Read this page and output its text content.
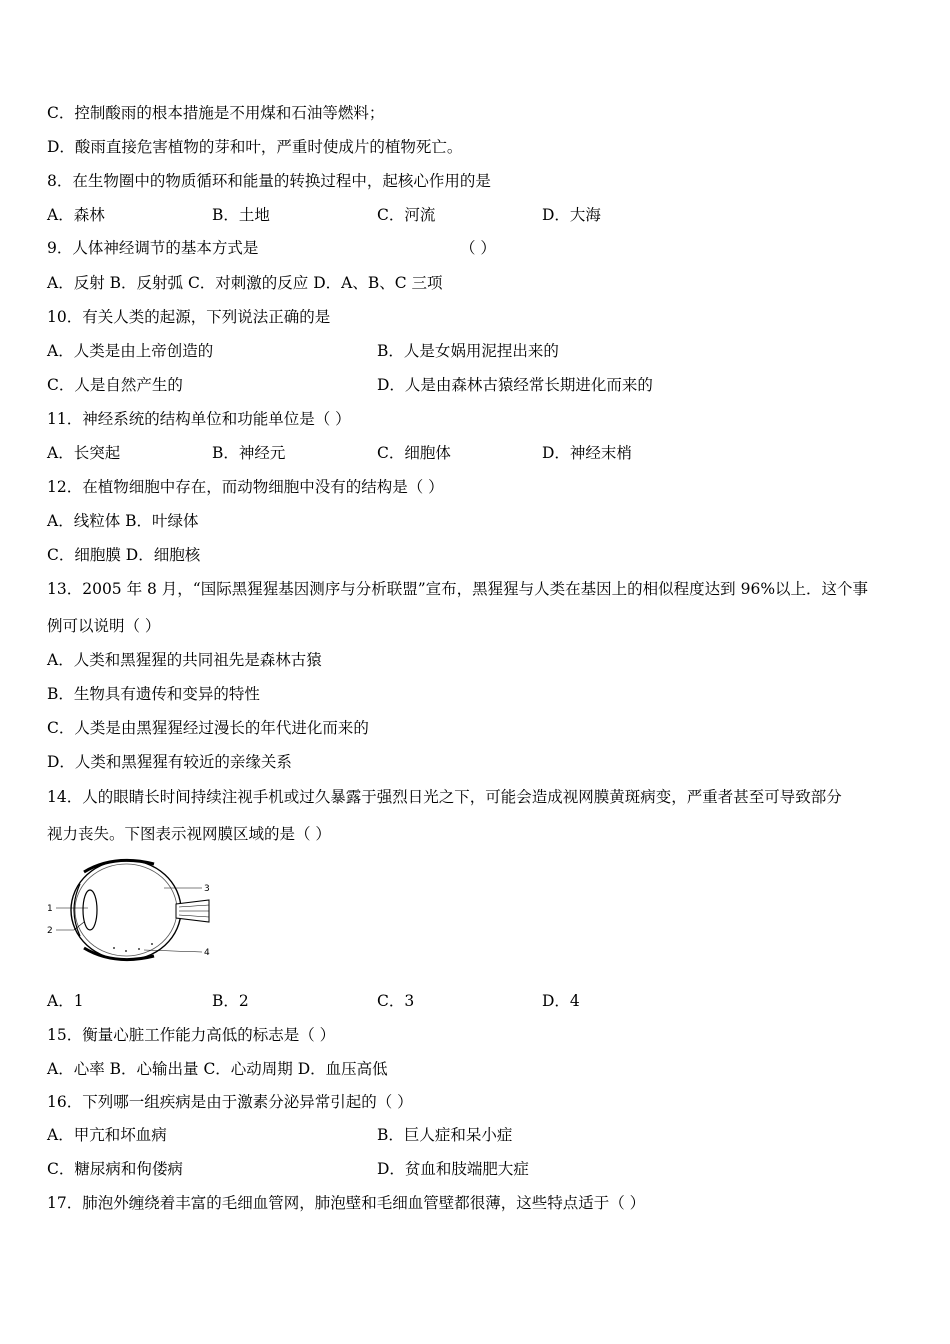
C．控制酸雨的根本措施是不用煤和石油等燃料；
D．酸雨直接危害植物的芽和叶，严重时使成片的植物死亡。
8．在生物圈中的物质循环和能量的转换过程中，起核心作用的是
A．森林	B．土地	C．河流	D．大海
9．人体神经调节的基本方式是	（ ）
A．反射 B．反射弧 C．对刺激的反应 D．A、B、C 三项
10．有关人类的起源，下列说法正确的是
A．人类是由上帝创造的	B．人是女娲用泥捏出来的
C．人是自然产生的	D．人是由森林古猿经常长期进化而来的
11．神经系统的结构单位和功能单位是（ ）
A．长突起	B．神经元	C．细胞体	D．神经末梢
12．在植物细胞中存在，而动物细胞中没有的结构是（ ）
A．线粒体 B．叶绿体
C．细胞膜 D．细胞核
13．2005 年 8 月，“国际黑猩猩基因测序与分析联盟”宣布，黑猩猩与人类在基因上的相似程度达到 96%以上．这个事
例可以说明（ ）
A．人类和黑猩猩的共同祖先是森林古猿
B．生物具有遗传和变异的特性
C．人类是由黑猩猩经过漫长的年代进化而来的
D．人类和黑猩猩有较近的亲缘关系
14．人的眼睛长时间持续注视手机或过久暴露于强烈日光之下，可能会造成视网膜黄斑病变，严重者甚至可导致部分
视力丧失。下图表示视网膜区域的是（ ）
1
2
3
4
A．1	B．2	C．3	D．4
15．衡量心脏工作能力高低的标志是（ ）
A．心率 B．心输出量 C．心动周期 D．血压高低
16．下列哪一组疾病是由于激素分泌异常引起的（ ）
A．甲亢和坏血病	B．巨人症和呆小症
C．糖尿病和佝偻病	D．贫血和肢端肥大症
17．肺泡外缠绕着丰富的毛细血管网，肺泡壁和毛细血管壁都很薄，这些特点适于（ ）
